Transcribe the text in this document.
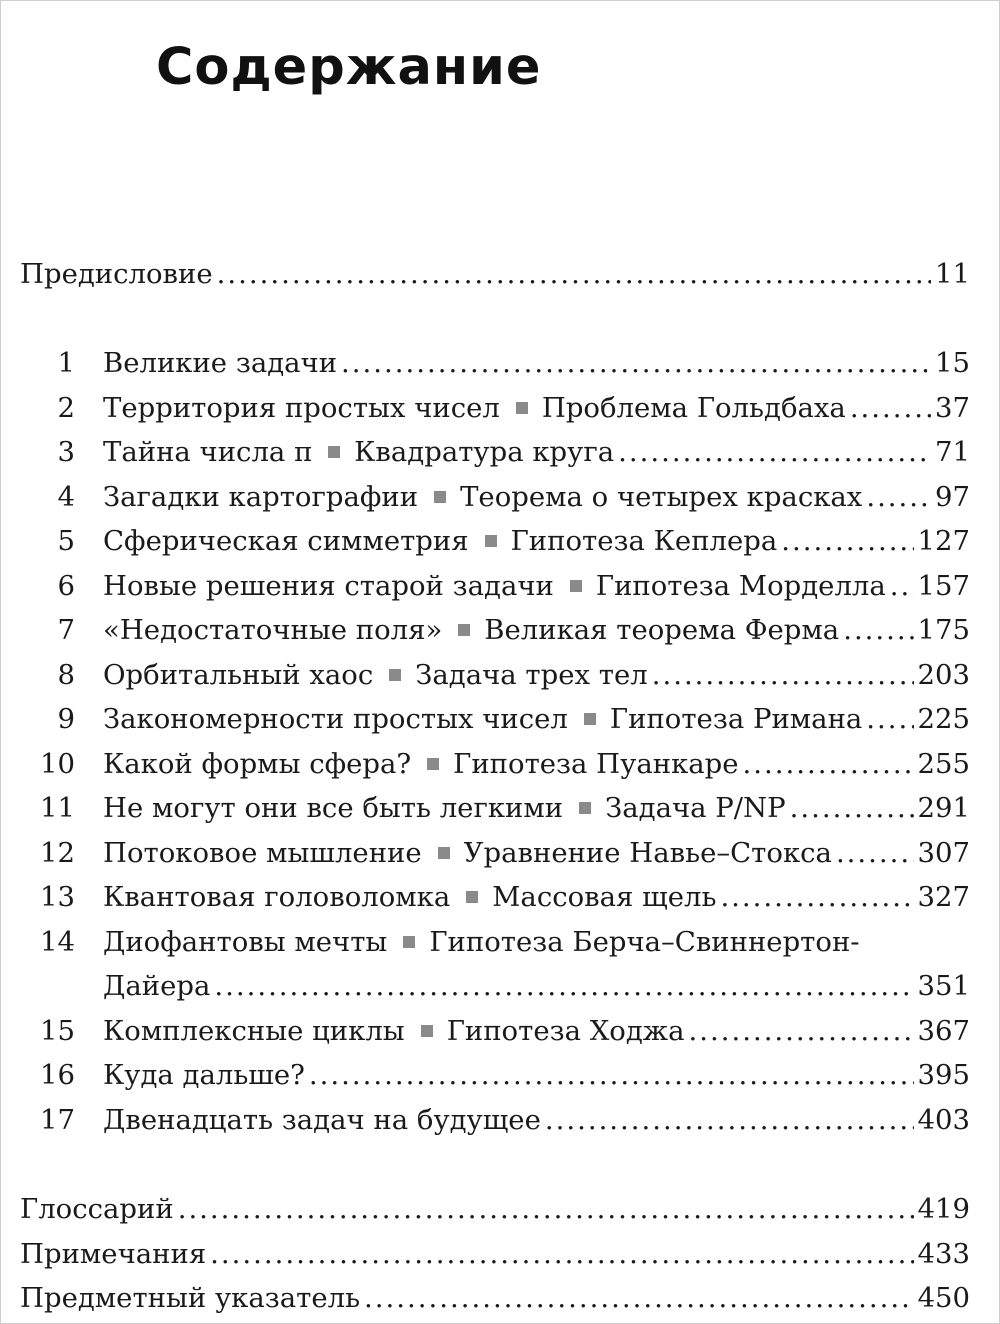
Содержание
Предисловие .....	11
1 Великие задачи .....	15
2 Территория простых чисел Проблема Гольдбаха .....	37
3 Тайна числа π Квадратура круга .....	71
4 Загадки картографии Теорема о четырех красках .....	97
5 Сферическая симметрия Гипотеза Кеплера .....	127
6 Новые решения старой задачи Гипотеза Морделла ..... 157
7 «Недостаточные поля» Великая теорема Ферма .....	175
8 Орбитальный хаос Задача трех тел .....	203
9 Закономерности простых чисел Гипотеза Римана ..... 225
10 Какой формы сфера? Гипотеза Пуанкаре .....	255
11 Не могут они все быть легкими Задача P/NP .....	291
12 Потоковое мышление Уравнение Навье–Стокса .....	307
13 Квантовая головоломка Массовая щель .....	327
14 Диофантовы мечты Гипотеза Берча–Свиннертон-
Дайера .....	351
15 Комплексные циклы Гипотеза Ходжа .....	367
16 Куда дальше? .....	395
17 Двенадцать задач на будущее .....	403
Глоссарий .....	419
Примечания .....	433
Предметный указатель .....	450
